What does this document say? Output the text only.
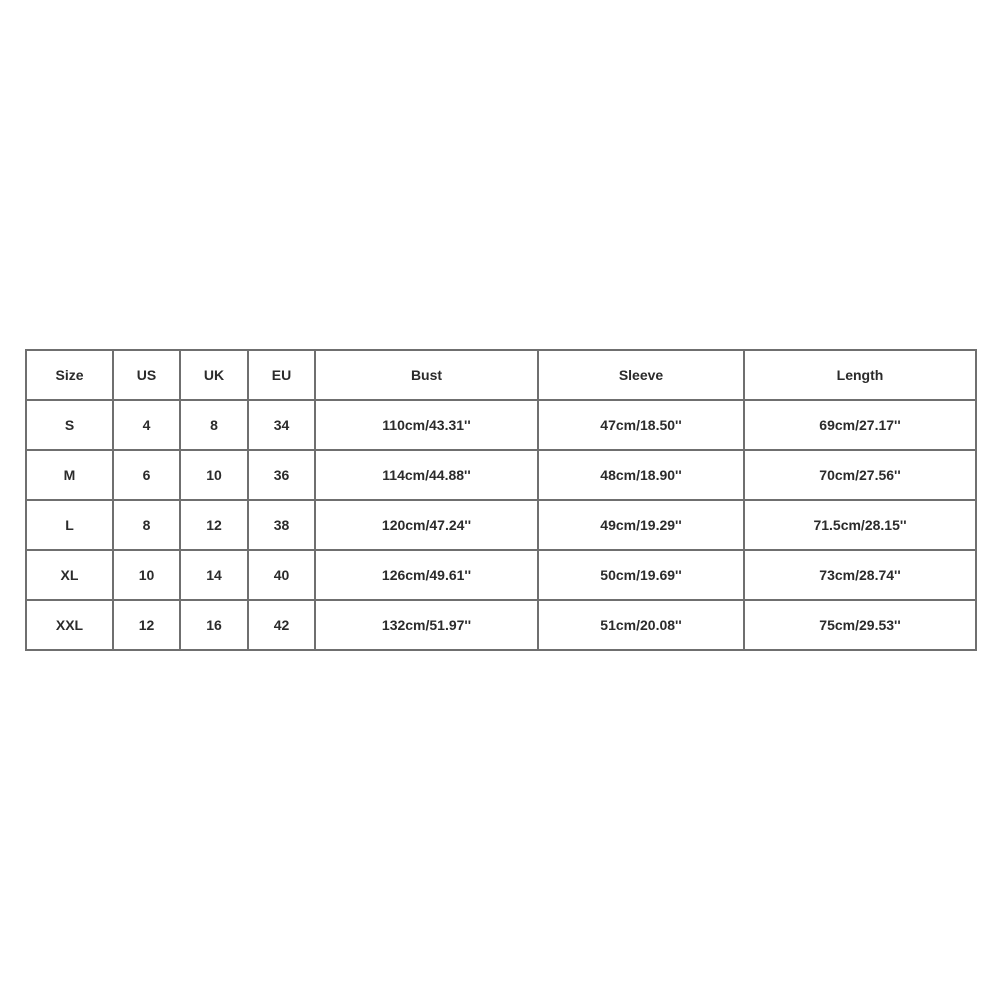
Size	US	UK	EU	Bust	Sleeve	Length
S	4	8	34	110cm/43.31''	47cm/18.50''	69cm/27.17''
M	6	10	36	114cm/44.88''	48cm/18.90''	70cm/27.56''
L	8	12	38	120cm/47.24''	49cm/19.29''	71.5cm/28.15''
XL	10	14	40	126cm/49.61''	50cm/19.69''	73cm/28.74''
XXL	12	16	42	132cm/51.97''	51cm/20.08''	75cm/29.53''
